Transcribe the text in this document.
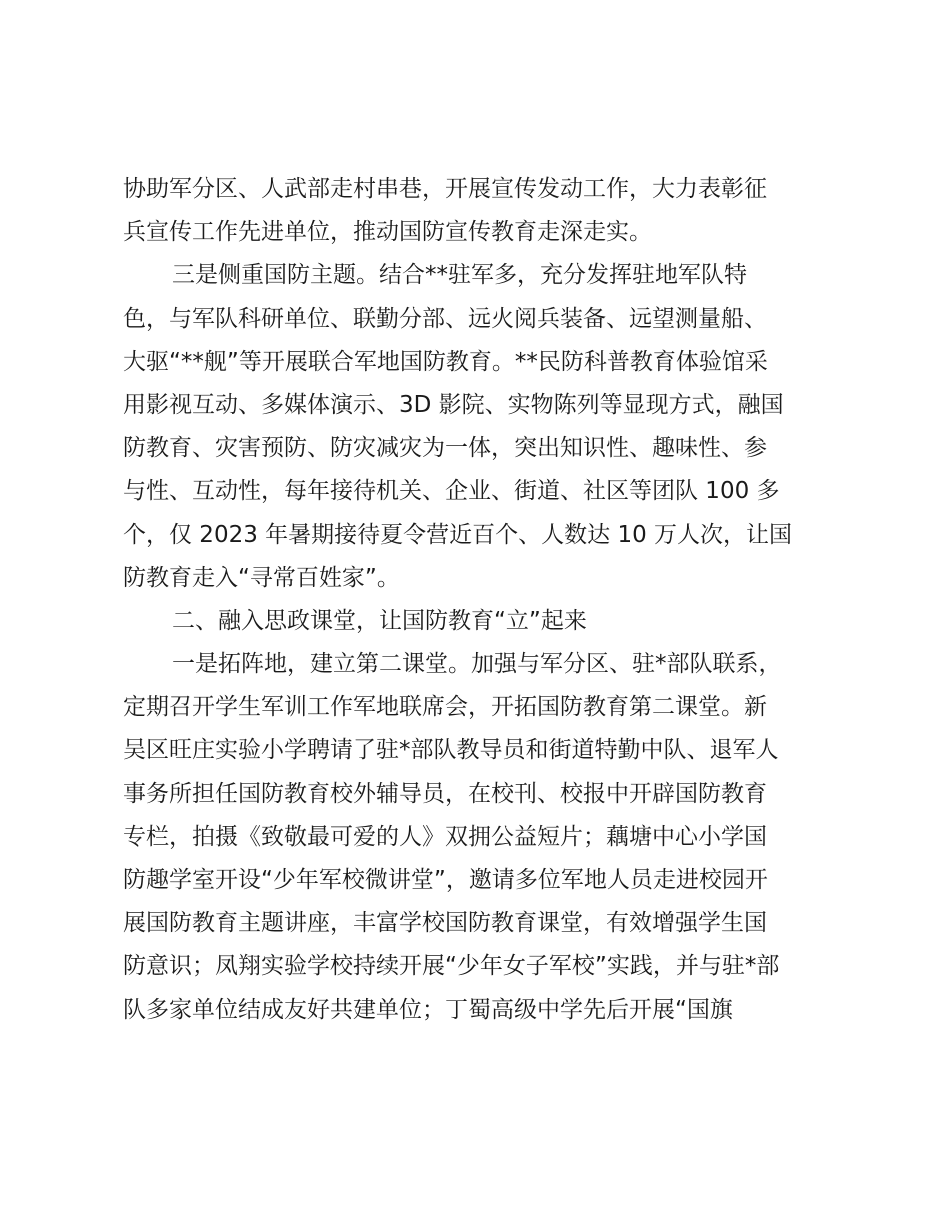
协助军分区、人武部走村串巷，开展宣传发动工作，大力表彰征
兵宣传工作先进单位，推动国防宣传教育走深走实。
三是侧重国防主题。结合**驻军多，充分发挥驻地军队特
色，与军队科研单位、联勤分部、远火阅兵装备、远望测量船、
大驱“**舰”等开展联合军地国防教育。**民防科普教育体验馆采
用影视互动、多媒体演示、3D 影院、实物陈列等显现方式，融国
防教育、灾害预防、防灾减灾为一体，突出知识性、趣味性、参
与性、互动性，每年接待机关、企业、街道、社区等团队 100 多
个，仅 2023 年暑期接待夏令营近百个、人数达 10 万人次，让国
防教育走入“寻常百姓家”。
二、融入思政课堂，让国防教育“立”起来
一是拓阵地，建立第二课堂。加强与军分区、驻*部队联系，
定期召开学生军训工作军地联席会，开拓国防教育第二课堂。新
吴区旺庄实验小学聘请了驻*部队教导员和街道特勤中队、退军人
事务所担任国防教育校外辅导员，在校刊、校报中开辟国防教育
专栏，拍摄《致敬最可爱的人》双拥公益短片；藕塘中心小学国
防趣学室开设“少年军校微讲堂”，邀请多位军地人员走进校园开
展国防教育主题讲座，丰富学校国防教育课堂，有效增强学生国
防意识；凤翔实验学校持续开展“少年女子军校”实践，并与驻*部
队多家单位结成友好共建单位；丁蜀高级中学先后开展“国旗
